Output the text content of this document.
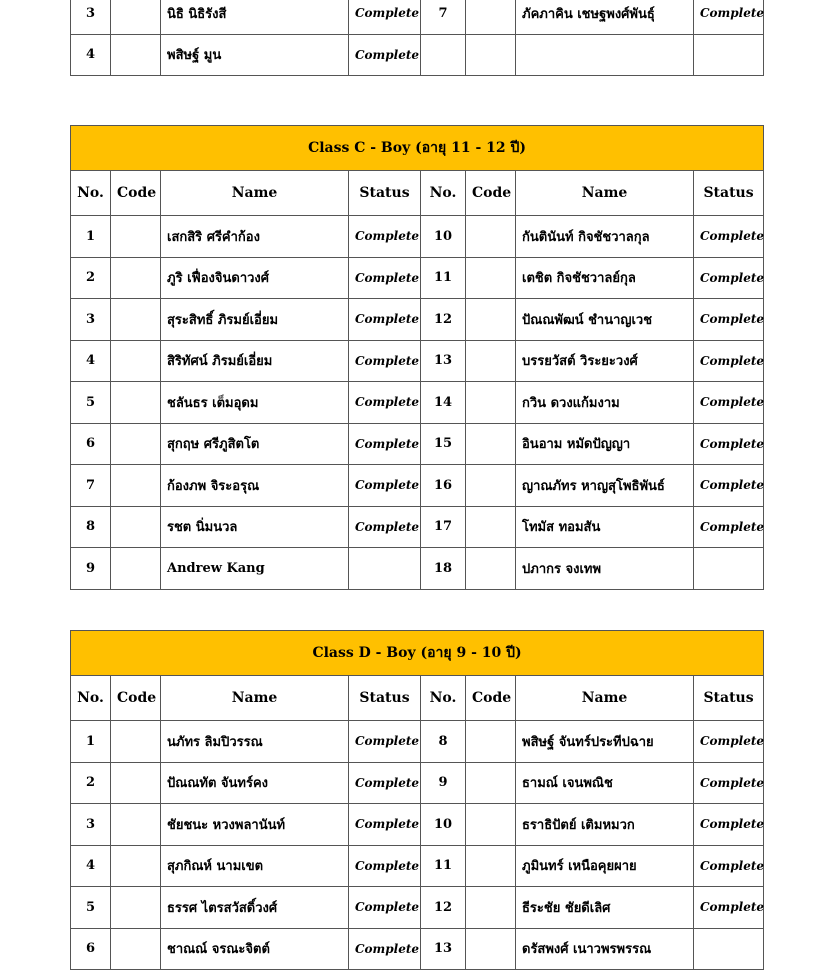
3		นิธิ นิธิรังสี	Complete	7		ภัคภาคิน เชษฐพงศ์พันธุ์	Complete
4		พสิษฐ์ มูน	Complete				
Class C - Boy (อายุ 11 - 12 ปี)							
No.	Code	Name	Status	No.	Code	Name	Status
1		เสกสิริ ศรีคำก้อง	Complete	10		กันตินันท์ กิจชัชวาลกุล	Complete
2		ภูริ เฟื่องจินดาวงศ์	Complete	11		เตชิต กิจชัชวาลย์กุล	Complete
3		สุระสิทธิ์ ภิรมย์เอี่ยม	Complete	12		ปัณณพัฒน์ ชำนาญเวช	Complete
4		สิริทัศน์ ภิรมย์เอี่ยม	Complete	13		บรรยวัสต์ วิระยะวงศ์	Complete
5		ชลันธร เต็มอุดม	Complete	14		กวิน ดวงแก้มงาม	Complete
6		สุกฤษ ศรีภูสิตโต	Complete	15		อินอาม หมัดปัญญา	Complete
7		ก้องภพ จิระอรุณ	Complete	16		ญาณภัทร หาญสุโพธิพันธ์	Complete
8		รชต นิ่มนวล	Complete	17		โทมัส ทอมสัน	Complete
9		Andrew Kang		18		ปภากร จงเทพ	
Class D - Boy (อายุ 9 - 10 ปี)							
No.	Code	Name	Status	No.	Code	Name	Status
1		นภัทร ลิมปิวรรณ	Complete	8		พสิษฐ์ จันทร์ประทีปฉาย	Complete
2		ปัณณทัต จันทร์คง	Complete	9		ธามณ์ เจนพณิช	Complete
3		ชัยชนะ หวงพลานันท์	Complete	10		ธราธิปัตย์ เติมหมวก	Complete
4		สุภกิณห์ นามเขต	Complete	11		ภูมินทร์ เหนือคุยผาย	Complete
5		ธรรศ ไตรสวัสดิ์วงศ์	Complete	12		ธีระชัย ชัยดีเลิศ	Complete
6		ชาณณ์ จรณะจิตต์	Complete	13		ดรัสพงศ์ เนาวพรพรรณ	
